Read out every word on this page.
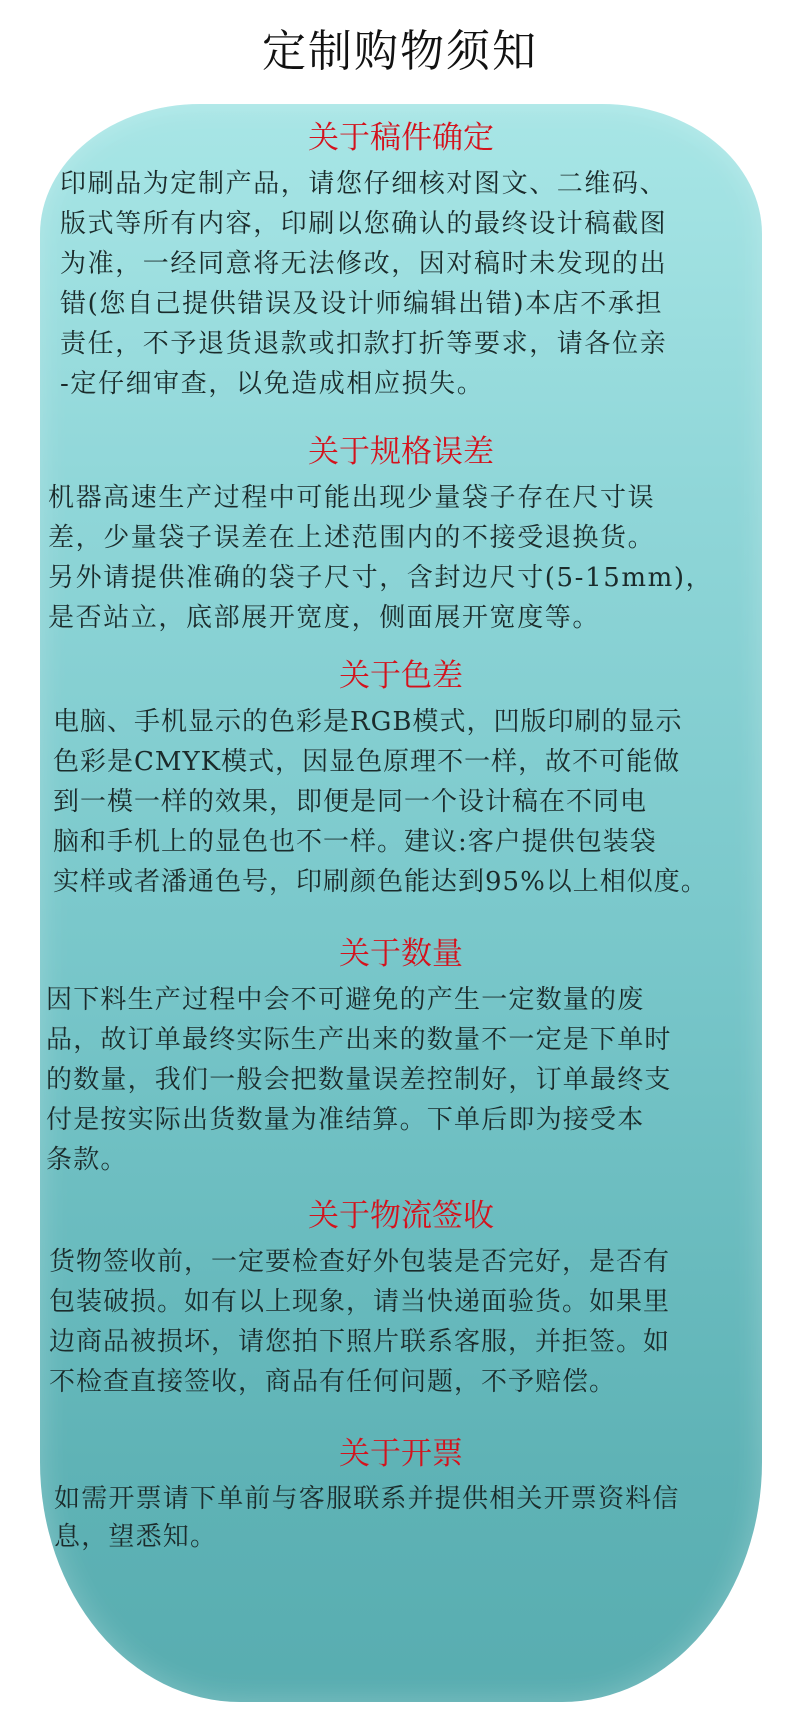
定制购物须知
关于稿件确定
印刷品为定制产品，请您仔细核对图文、二维码、
版式等所有内容，印刷以您确认的最终设计稿截图
为准，一经同意将无法修改，因对稿时未发现的出
错(您自己提供错误及设计师编辑出错)本店不承担
责任，不予退货退款或扣款打折等要求，请各位亲
-定仔细审查，以免造成相应损失。
关于规格误差
机器高速生产过程中可能出现少量袋子存在尺寸误
差，少量袋子误差在上述范围内的不接受退换货。
另外请提供准确的袋子尺寸，含封边尺寸(5-15mm)，
是否站立，底部展开宽度，侧面展开宽度等。
关于色差
电脑、手机显示的色彩是RGB模式，凹版印刷的显示
色彩是CMYK模式，因显色原理不一样，故不可能做
到一模一样的效果，即便是同一个设计稿在不同电
脑和手机上的显色也不一样。建议:客户提供包装袋
实样或者潘通色号，印刷颜色能达到95%以上相似度。
关于数量
因下料生产过程中会不可避免的产生一定数量的废
品，故订单最终实际生产出来的数量不一定是下单时
的数量，我们一般会把数量误差控制好，订单最终支
付是按实际出货数量为准结算。下单后即为接受本
条款。
关于物流签收
货物签收前，一定要检查好外包装是否完好，是否有
包装破损。如有以上现象，请当快递面验货。如果里
边商品被损坏，请您拍下照片联系客服，并拒签。如
不检查直接签收，商品有任何问题，不予赔偿。
关于开票
如需开票请下单前与客服联系并提供相关开票资料信
息，望悉知。
